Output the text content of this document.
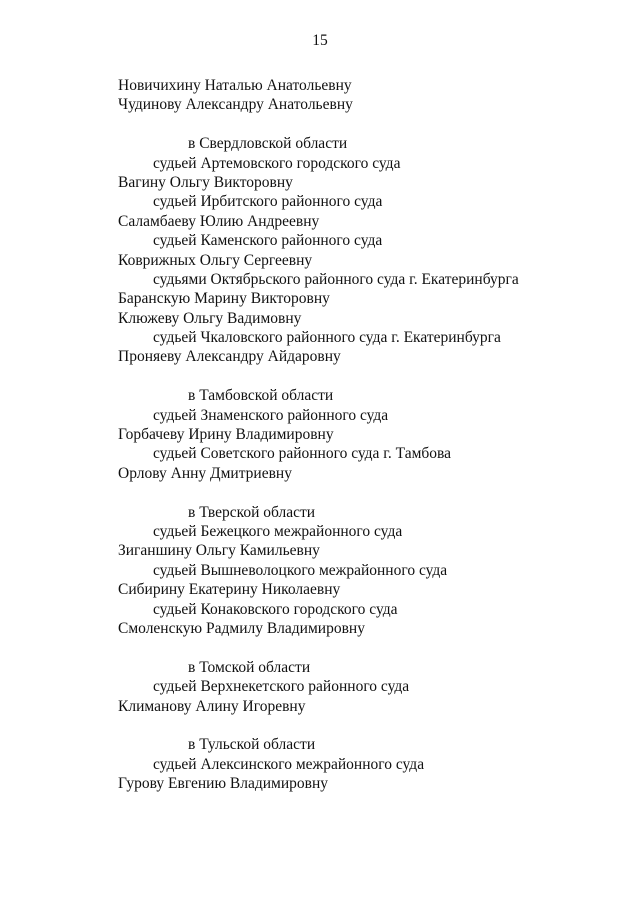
15
Новичихину Наталью Анатольевну
Чудинову Александру Анатольевну
в Свердловской области
судьей Артемовского городского суда
Вагину Ольгу Викторовну
судьей Ирбитского районного суда
Саламбаеву Юлию Андреевну
судьей Каменского районного суда
Коврижных Ольгу Сергеевну
судьями Октябрьского районного суда г. Екатеринбурга
Баранскую Марину Викторовну
Клюжеву Ольгу Вадимовну
судьей Чкаловского районного суда г. Екатеринбурга
Проняеву Александру Айдаровну
в Тамбовской области
судьей Знаменского районного суда
Горбачеву Ирину Владимировну
судьей Советского районного суда г. Тамбова
Орлову Анну Дмитриевну
в Тверской области
судьей Бежецкого межрайонного суда
Зиганшину Ольгу Камильевну
судьей Вышневолоцкого межрайонного суда
Сибирину Екатерину Николаевну
судьей Конаковского городского суда
Смоленскую Радмилу Владимировну
в Томской области
судьей Верхнекетского районного суда
Климанову Алину Игоревну
в Тульской области
судьей Алексинского межрайонного суда
Гурову Евгению Владимировну
